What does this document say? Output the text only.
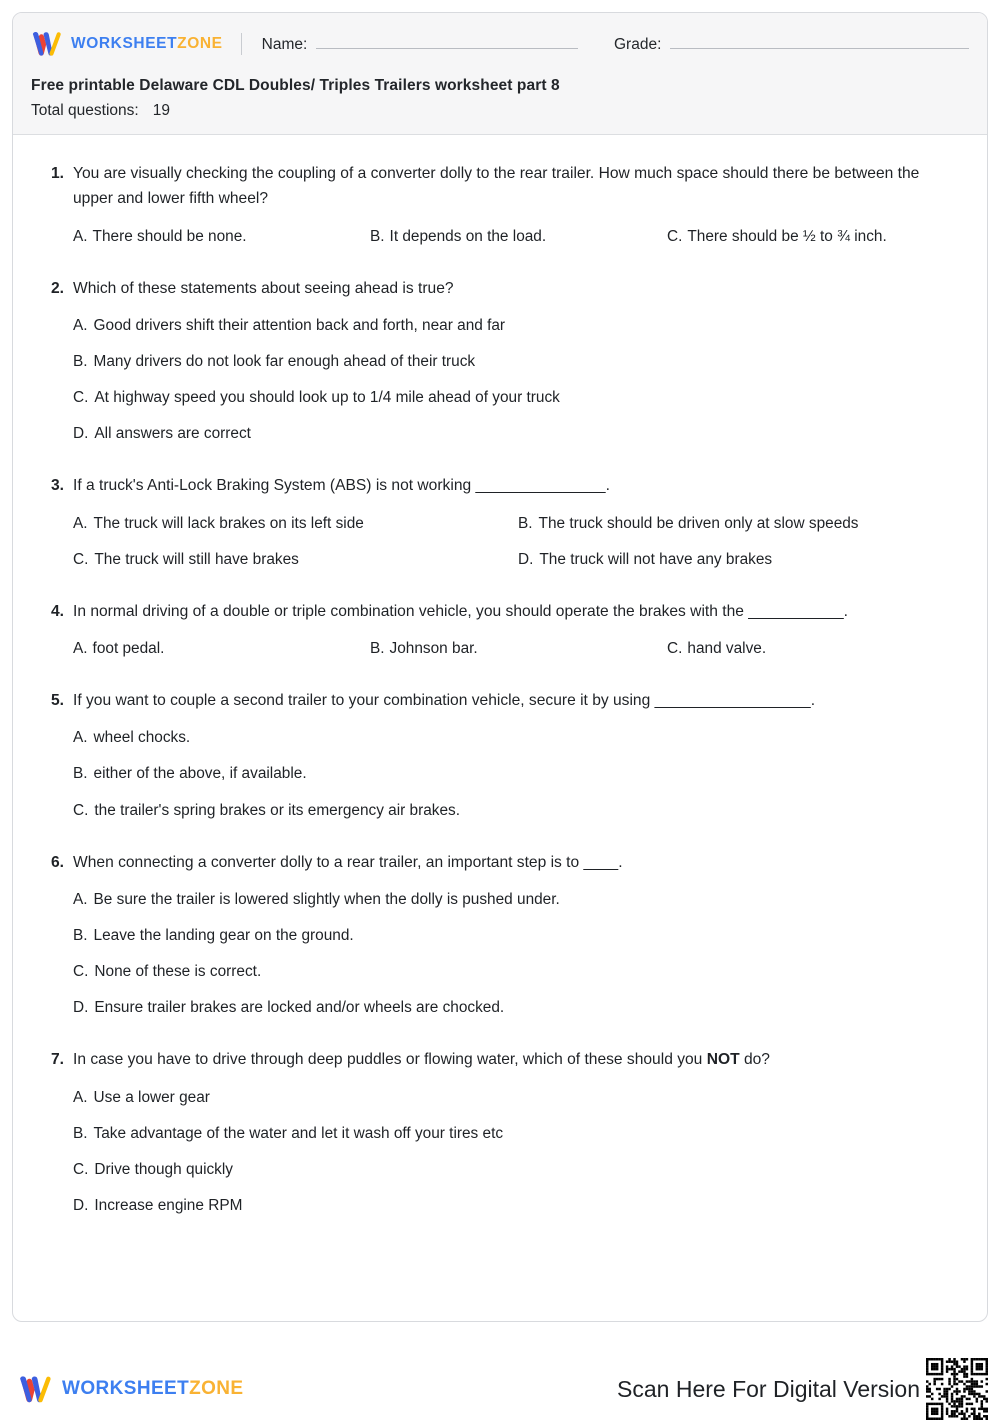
WORKSHEETZONE	Name:	Grade:
Free printable Delaware CDL Doubles/ Triples Trailers worksheet part 8
Total questions: 19
1. You are visually checking the coupling of a converter dolly to the rear trailer. How much space should there be between the upper and lower fifth wheel?
A. There should be none.	B. It depends on the load.	C. There should be ½ to ¾ inch.
2. Which of these statements about seeing ahead is true?
A. Good drivers shift their attention back and forth, near and far
B. Many drivers do not look far enough ahead of their truck
C. At highway speed you should look up to 1/4 mile ahead of your truck
D. All answers are correct
3. If a truck's Anti-Lock Braking System (ABS) is not working _______________.
A. The truck will lack brakes on its left side	B. The truck should be driven only at slow speeds
C. The truck will still have brakes	D. The truck will not have any brakes
4. In normal driving of a double or triple combination vehicle, you should operate the brakes with the ___________.
A. foot pedal.	B. Johnson bar.	C. hand valve.
5. If you want to couple a second trailer to your combination vehicle, secure it by using __________________.
A. wheel chocks.
B. either of the above, if available.
C. the trailer's spring brakes or its emergency air brakes.
6. When connecting a converter dolly to a rear trailer, an important step is to ____.
A. Be sure the trailer is lowered slightly when the dolly is pushed under.
B. Leave the landing gear on the ground.
C. None of these is correct.
D. Ensure trailer brakes are locked and/or wheels are chocked.
7. In case you have to drive through deep puddles or flowing water, which of these should you NOT do?
A. Use a lower gear
B. Take advantage of the water and let it wash off your tires etc
C. Drive though quickly
D. Increase engine RPM
WORKSHEETZONE	Scan Here For Digital Version
